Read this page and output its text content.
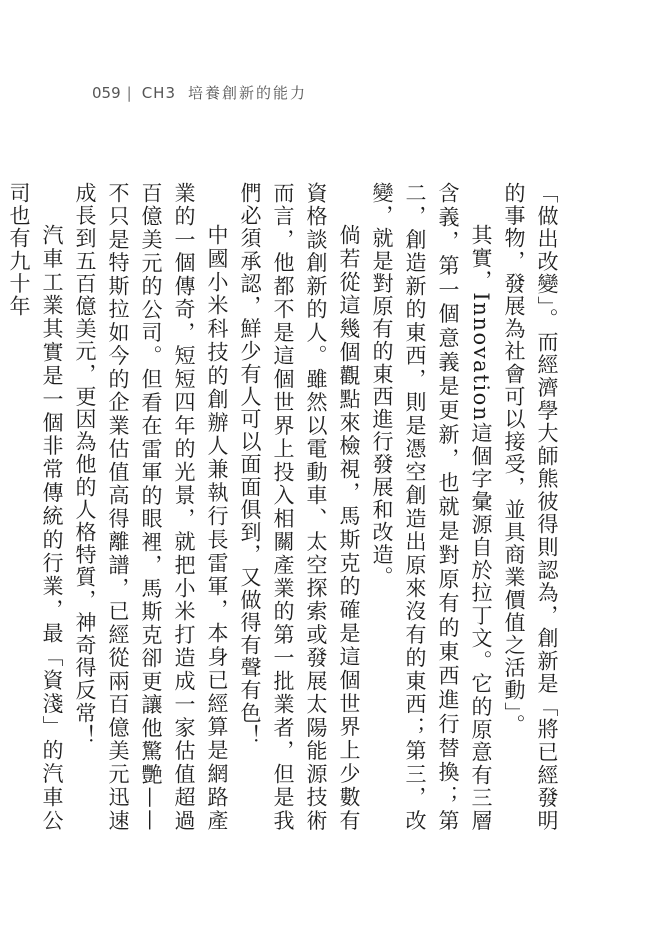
059 | CH3 培養創新的能力

「做出改變」。而經濟學大師熊彼得則認為，創新是「將已經發明的事物，發展為社會可以接受，並具商業價值之活動」。

其實，Innovation這個字彙源自於拉丁文。它的原意有三層含義，第一個意義是更新，也就是對原有的東西進行替換；第二，創造新的東西，則是憑空創造出原來沒有的東西；第三，改變，就是對原有的東西進行發展和改造。

倘若從這幾個觀點來檢視，馬斯克的確是這個世界上少數有資格談創新的人。雖然以電動車、太空探索或發展太陽能源技術而言，他都不是這個世界上投入相關產業的第一批業者，但是我們必須承認，鮮少有人可以面面俱到，又做得有聲有色！

中國小米科技的創辦人兼執行長雷軍，本身已經算是網路產業的一個傳奇，短短四年的光景，就把小米打造成一家估值超過百億美元的公司。但看在雷軍的眼裡，馬斯克卻更讓他驚艷——不只是特斯拉如今的企業估值高得離譜，已經從兩百億美元迅速成長到五百億美元，更因為他的人格特質，神奇得反常！

汽車工業其實是一個非常傳統的行業，最「資淺」的汽車公司也有九十年
